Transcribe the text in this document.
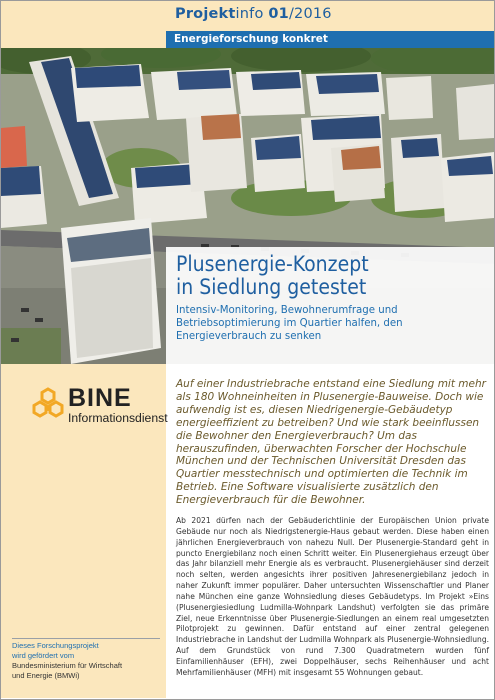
Projektinfo 01/2016
Energieforschung konkret
Plusenergie-Konzept
in Siedlung getestet
Intensiv-Monitoring, Bewohnerumfrage und Betriebsoptimierung im Quartier halfen, den Energieverbrauch zu senken
BINE
Informationsdienst
Auf einer Industriebrache entstand eine Siedlung mit mehr als 180 Wohneinheiten in Plusenergie-Bauweise. Doch wie aufwendig ist es, diesen Niedrigenergie-Gebäudetyp energieeffizient zu betreiben? Und wie stark beeinflussen die Bewohner den Energieverbrauch? Um das herauszufinden, überwachten Forscher der Hochschule München und der Technischen Universität Dresden das Quartier messtechnisch und optimierten die Technik im Betrieb. Eine Software visualisierte zusätzlich den Energieverbrauch für die Bewohner.
Ab 2021 dürfen nach der Gebäuderichtlinie der Europäischen Union private Gebäude nur noch als Niedrigstenergie-Haus gebaut werden. Diese haben einen jährlichen Energieverbrauch von nahezu Null. Der Plusenergie-Standard geht in puncto Energiebilanz noch einen Schritt weiter. Ein Plusenergiehaus erzeugt über das Jahr bilanziell mehr Energie als es verbraucht. Plusenergiehäuser sind derzeit noch selten, werden angesichts ihrer positiven Jahresenergiebilanz jedoch in naher Zukunft immer populärer. Daher untersuchten Wissenschaftler und Planer nahe München eine ganze Wohnsiedlung dieses Gebäudetyps. Im Projekt »Eins (Plusenergiesiedlung Ludmilla-Wohnpark Landshut) verfolgten sie das primäre Ziel, neue Erkenntnisse über Plusenergie-Siedlungen an einem real umgesetzten Pilotprojekt zu gewinnen. Dafür entstand auf einer zentral gelegenen Industriebrache in Landshut der Ludmilla Wohnpark als Plusenergie-Wohnsiedlung. Auf dem Grundstück von rund 7.300 Quadratmetern wurden fünf Einfamilienhäuser (EFH), zwei Doppelhäuser, sechs Reihenhäuser und acht Mehrfamilienhäuser (MFH) mit insgesamt 55 Wohnungen gebaut.
Dieses Forschungsprojekt
wird gefördert vom
Bundesministerium für Wirtschaft
und Energie (BMWi)
